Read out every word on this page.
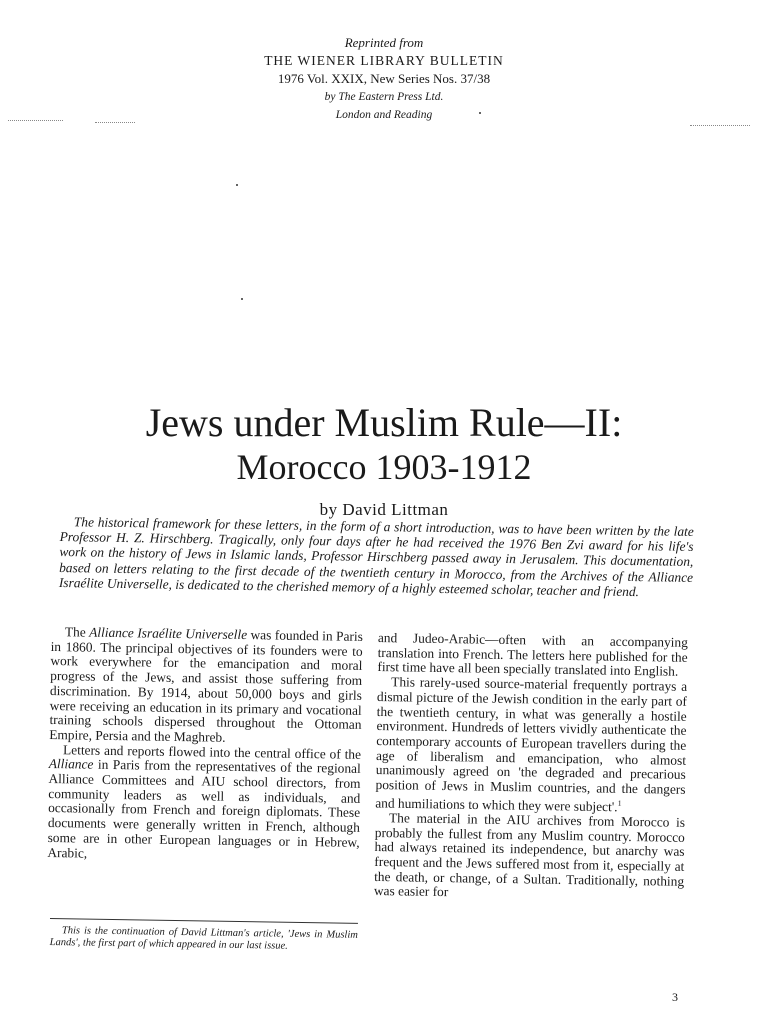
Reprinted from
THE WIENER LIBRARY BULLETIN
1976 Vol. XXIX, New Series Nos. 37/38
by The Eastern Press Ltd.
London and Reading
Jews under Muslim Rule—II:
Morocco 1903-1912
by David Littman

The historical framework for these letters, in the form of a short introduction, was to have been written by the late Professor H. Z. Hirschberg. Tragically, only four days after he had received the 1976 Ben Zvi award for his life's work on the history of Jews in Islamic lands, Professor Hirschberg passed away in Jerusalem. This documentation, based on letters relating to the first decade of the twentieth century in Morocco, from the Archives of the Alliance Israélite Universelle, is dedicated to the cherished memory of a highly esteemed scholar, teacher and friend.

The Alliance Israélite Universelle was founded in Paris in 1860. The principal objectives of its founders were to work everywhere for the emancipation and moral progress of the Jews, and assist those suffering from discrimination. By 1914, about 50,000 boys and girls were receiving an education in its primary and vocational training schools dispersed throughout the Ottoman Empire, Persia and the Maghreb.

Letters and reports flowed into the central office of the Alliance in Paris from the representatives of the regional Alliance Committees and AIU school directors, from community leaders as well as individuals, and occasionally from French and foreign diplomats. These documents were generally written in French, although some are in other European languages or in Hebrew, Arabic,

This is the continuation of David Littman's article, 'Jews in Muslim Lands', the first part of which appeared in our last issue.

and Judeo-Arabic—often with an accompanying translation into French. The letters here published for the first time have all been specially translated into English.

This rarely-used source-material frequently portrays a dismal picture of the Jewish condition in the early part of the twentieth century, in what was generally a hostile environment. Hundreds of letters vividly authenticate the contemporary accounts of European travellers during the age of liberalism and emancipation, who almost unanimously agreed on 'the degraded and precarious position of Jews in Muslim countries, and the dangers and humiliations to which they were subject'.$^1$

The material in the AIU archives from Morocco is probably the fullest from any Muslim country. Morocco had always retained its independence, but anarchy was frequent and the Jews suffered most from it, especially at the death, or change, of a Sultan. Traditionally, nothing was easier for

3
